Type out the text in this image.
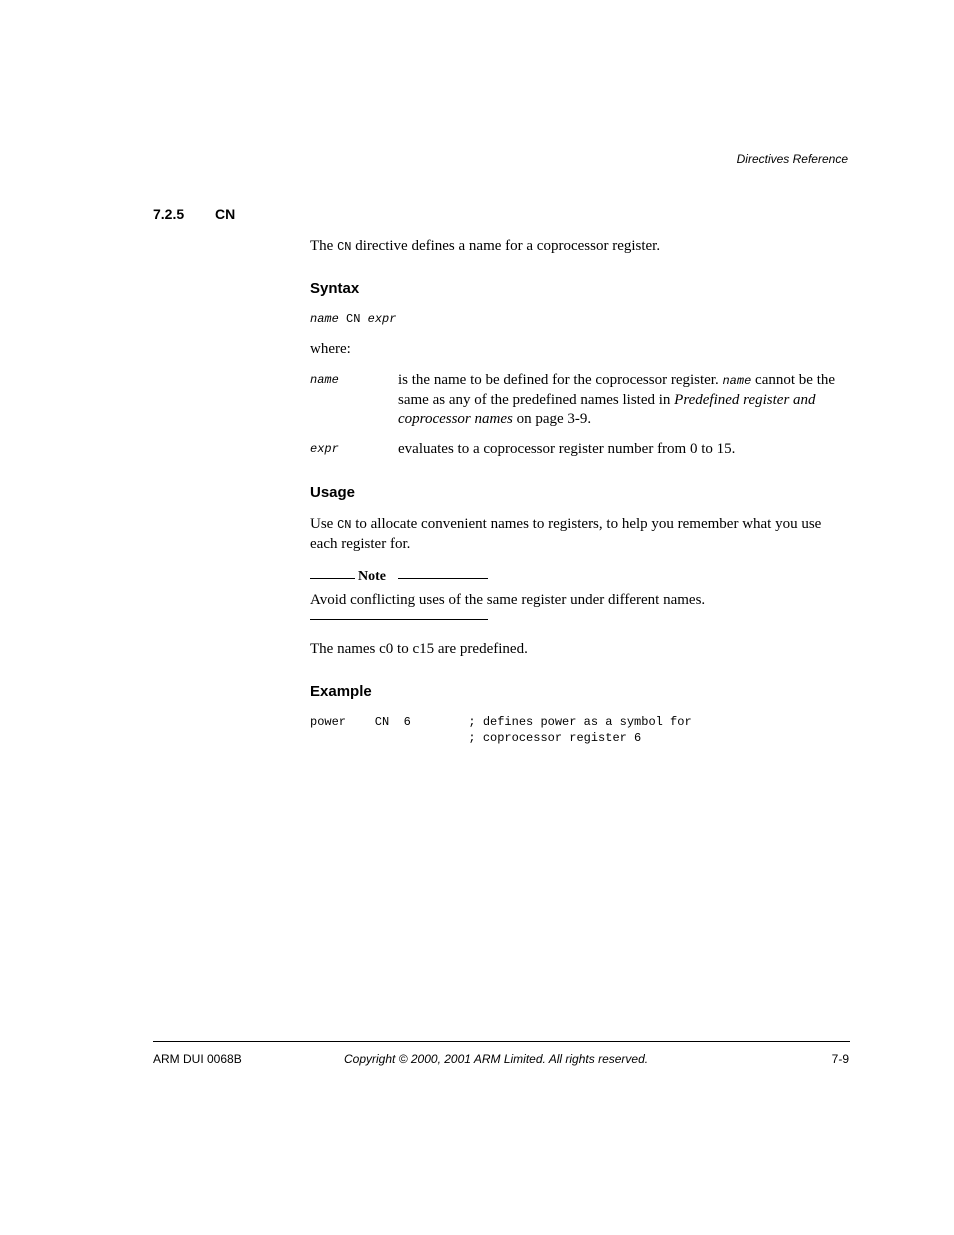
Directives Reference
7.2.5 CN
The CN directive defines a name for a coprocessor register.
Syntax
name CN expr
where:
name	is the name to be defined for the coprocessor register. name cannot be the same as any of the predefined names listed in Predefined register and coprocessor names on page 3-9.
expr	evaluates to a coprocessor register number from 0 to 15.
Usage
Use CN to allocate convenient names to registers, to help you remember what you use each register for.
Note
Avoid conflicting uses of the same register under different names.
The names c0 to c15 are predefined.
Example
power    CN  6        ; defines power as a symbol for
; coprocessor register 6
ARM DUI 0068B	Copyright © 2000, 2001 ARM Limited. All rights reserved.	7-9
